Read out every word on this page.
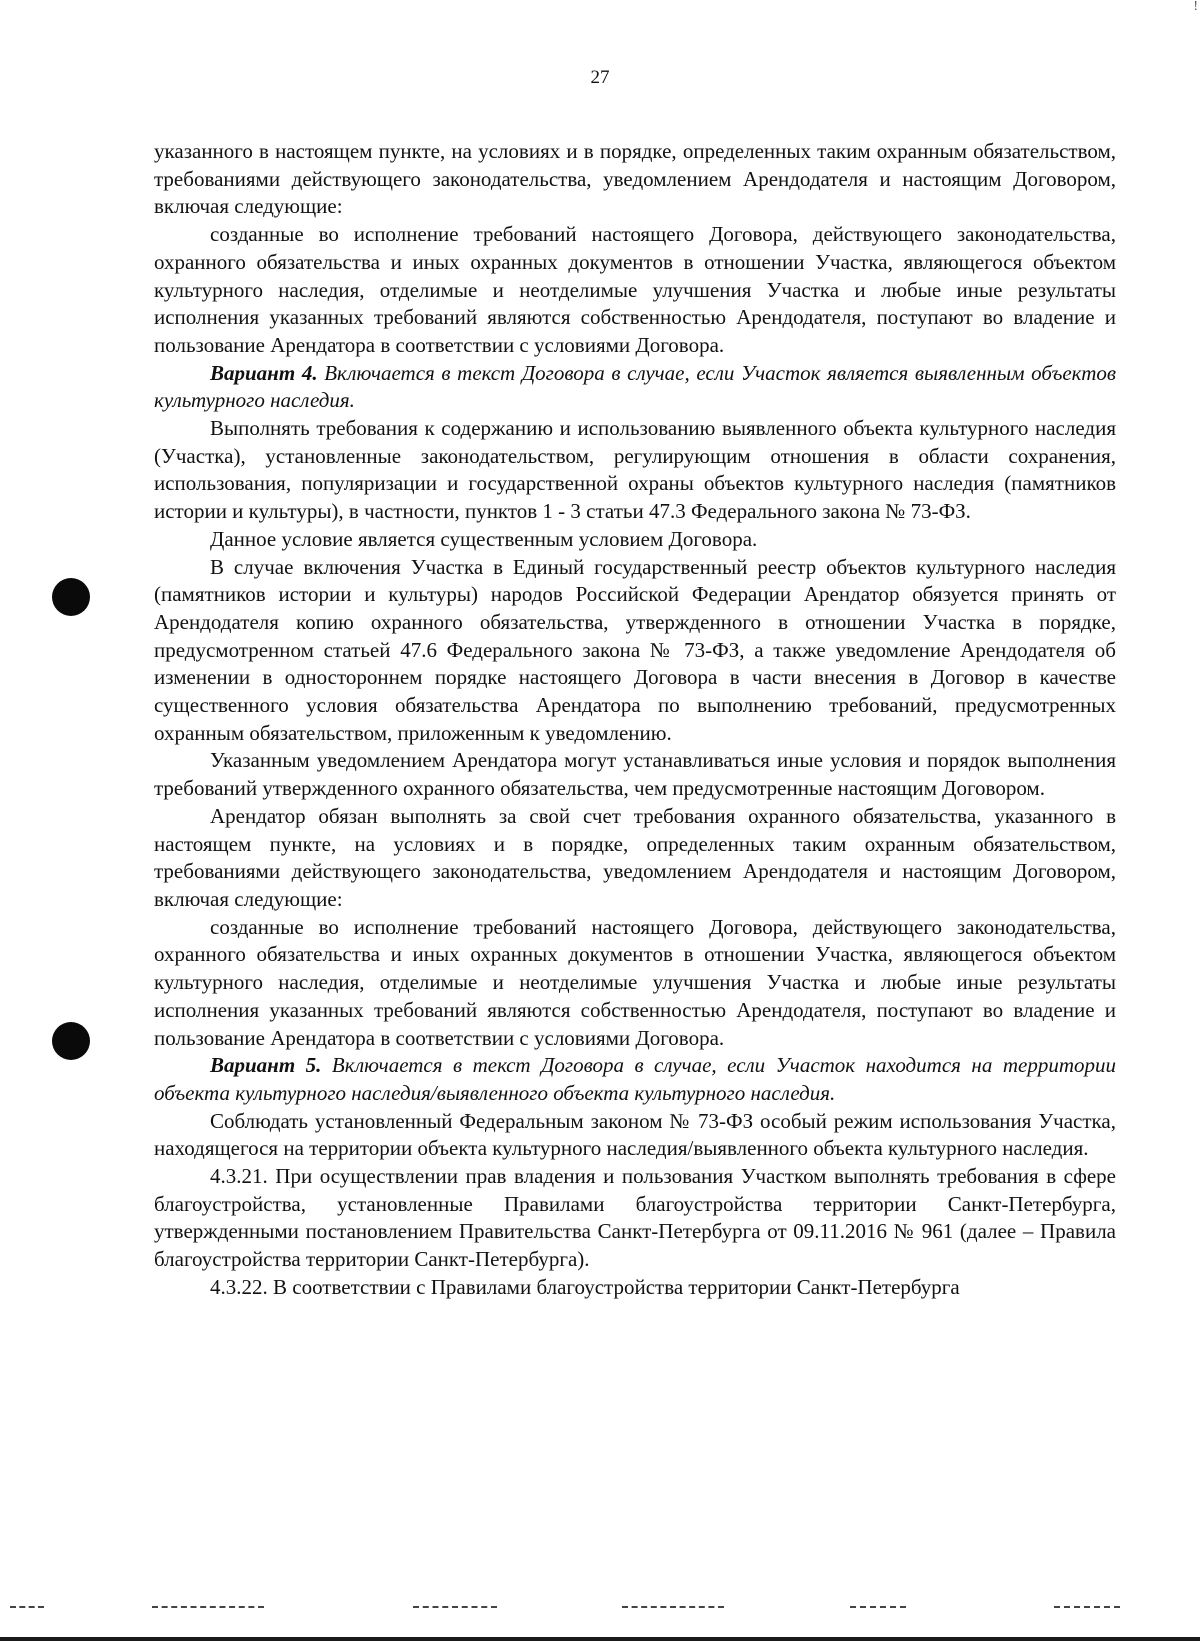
!
27

указанного в настоящем пункте, на условиях и в порядке, определенных таким охранным обязательством, требованиями действующего законодательства, уведомлением Арендодателя и настоящим Договором, включая следующие:

созданные во исполнение требований настоящего Договора, действующего законодательства, охранного обязательства и иных охранных документов в отношении Участка, являющегося объектом культурного наследия, отделимые и неотделимые улучшения Участка и любые иные результаты исполнения указанных требований являются собственностью Арендодателя, поступают во владение и пользование Арендатора в соответствии с условиями Договора.

Вариант 4. Включается в текст Договора в случае, если Участок является выявленным объектов культурного наследия.

Выполнять требования к содержанию и использованию выявленного объекта культурного наследия (Участка), установленные законодательством, регулирующим отношения в области сохранения, использования, популяризации и государственной охраны объектов культурного наследия (памятников истории и культуры), в частности, пунктов 1 - 3 статьи 47.3 Федерального закона № 73-ФЗ.

Данное условие является существенным условием Договора.

В случае включения Участка в Единый государственный реестр объектов культурного наследия (памятников истории и культуры) народов Российской Федерации Арендатор обязуется принять от Арендодателя копию охранного обязательства, утвержденного в отношении Участка в порядке, предусмотренном статьей 47.6 Федерального закона № 73-ФЗ, а также уведомление Арендодателя об изменении в одностороннем порядке настоящего Договора в части внесения в Договор в качестве существенного условия обязательства Арендатора по выполнению требований, предусмотренных охранным обязательством, приложенным к уведомлению.

Указанным уведомлением Арендатора могут устанавливаться иные условия и порядок выполнения требований утвержденного охранного обязательства, чем предусмотренные настоящим Договором.

Арендатор обязан выполнять за свой счет требования охранного обязательства, указанного в настоящем пункте, на условиях и в порядке, определенных таким охранным обязательством, требованиями действующего законодательства, уведомлением Арендодателя и настоящим Договором, включая следующие:

созданные во исполнение требований настоящего Договора, действующего законодательства, охранного обязательства и иных охранных документов в отношении Участка, являющегося объектом культурного наследия, отделимые и неотделимые улучшения Участка и любые иные результаты исполнения указанных требований являются собственностью Арендодателя, поступают во владение и пользование Арендатора в соответствии с условиями Договора.

Вариант 5. Включается в текст Договора в случае, если Участок находится на территории объекта культурного наследия/выявленного объекта культурного наследия.

Соблюдать установленный Федеральным законом № 73-ФЗ особый режим использования Участка, находящегося на территории объекта культурного наследия/выявленного объекта культурного наследия.

4.3.21. При осуществлении прав владения и пользования Участком выполнять требования в сфере благоустройства, установленные Правилами благоустройства территории Санкт-Петербурга, утвержденными постановлением Правительства Санкт-Петербурга от 09.11.2016 № 961 (далее – Правила благоустройства территории Санкт-Петербурга).

4.3.22. В соответствии с Правилами благоустройства территории Санкт-Петербурга
